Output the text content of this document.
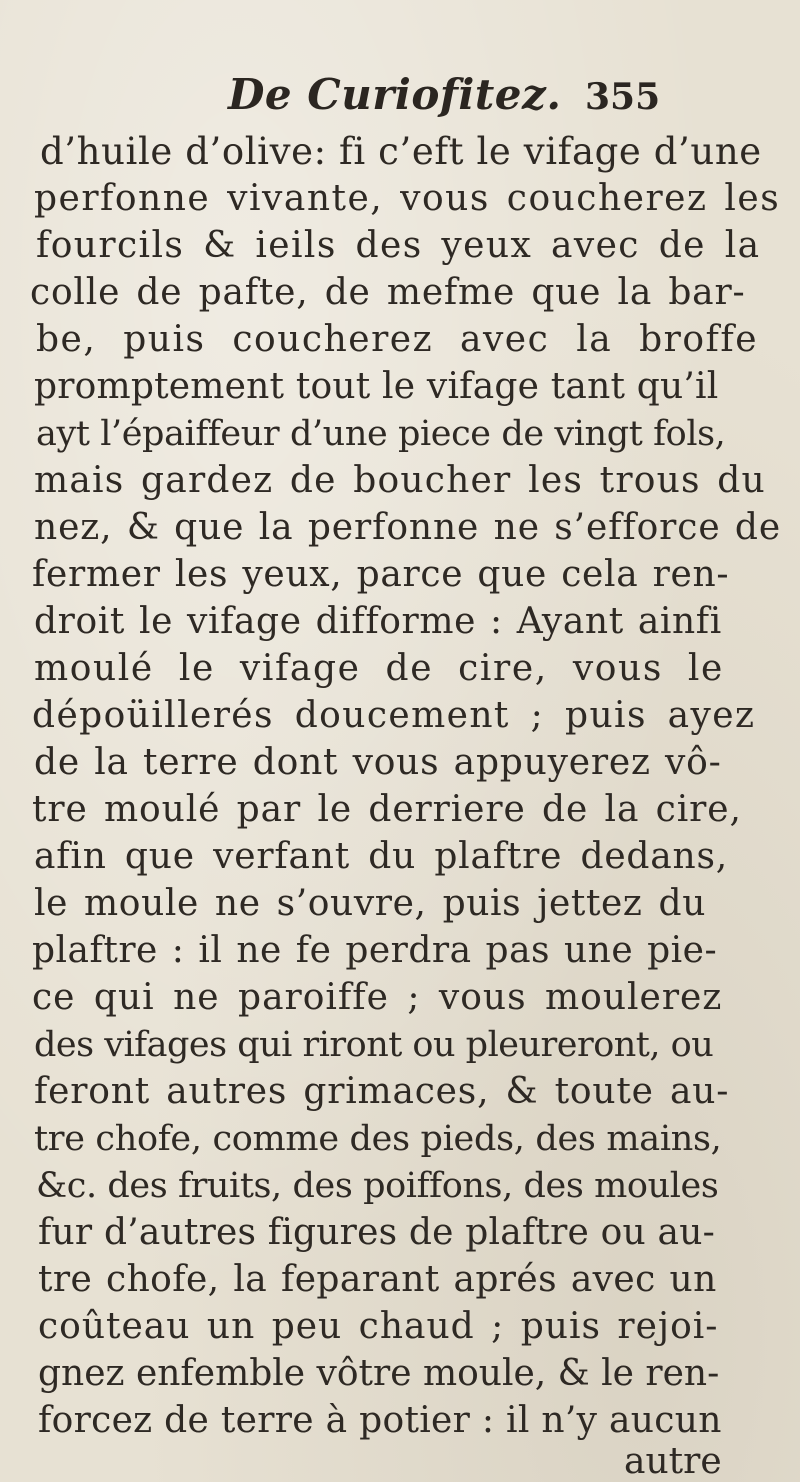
De Curiofitez. 355
d’huile d’olive: fi c’eft le vifage d’une
perfonne vivante, vous coucherez les
fourcils & ieils des yeux avec de la
colle de pafte, de mefme que la bar-
be, puis coucherez avec la broffe
promptement tout le vifage tant qu’il
ayt l’épaiffeur d’une piece de vingt fols,
mais gardez de boucher les trous du
nez, & que la perfonne ne s’efforce de
fermer les yeux, parce que cela ren-
droit le vifage difforme : Ayant ainfi
moulé le vifage de cire, vous le
dépoüillerés doucement ; puis ayez
de la terre dont vous appuyerez vô-
tre moulé par le derriere de la cire,
afin que verfant du plaftre dedans,
le moule ne s’ouvre, puis jettez du
plaftre : il ne fe perdra pas une pie-
ce qui ne paroiffe ; vous moulerez
des vifages qui riront ou pleureront, ou
feront autres grimaces, & toute au-
tre chofe, comme des pieds, des mains,
&c. des fruits, des poiffons, des moules
fur d’autres figures de plaftre ou au-
tre chofe, la feparant aprés avec un
coûteau un peu chaud ; puis rejoi-
gnez enfemble vôtre moule, & le ren-
forcez de terre à potier : il n’y aucun
autre
